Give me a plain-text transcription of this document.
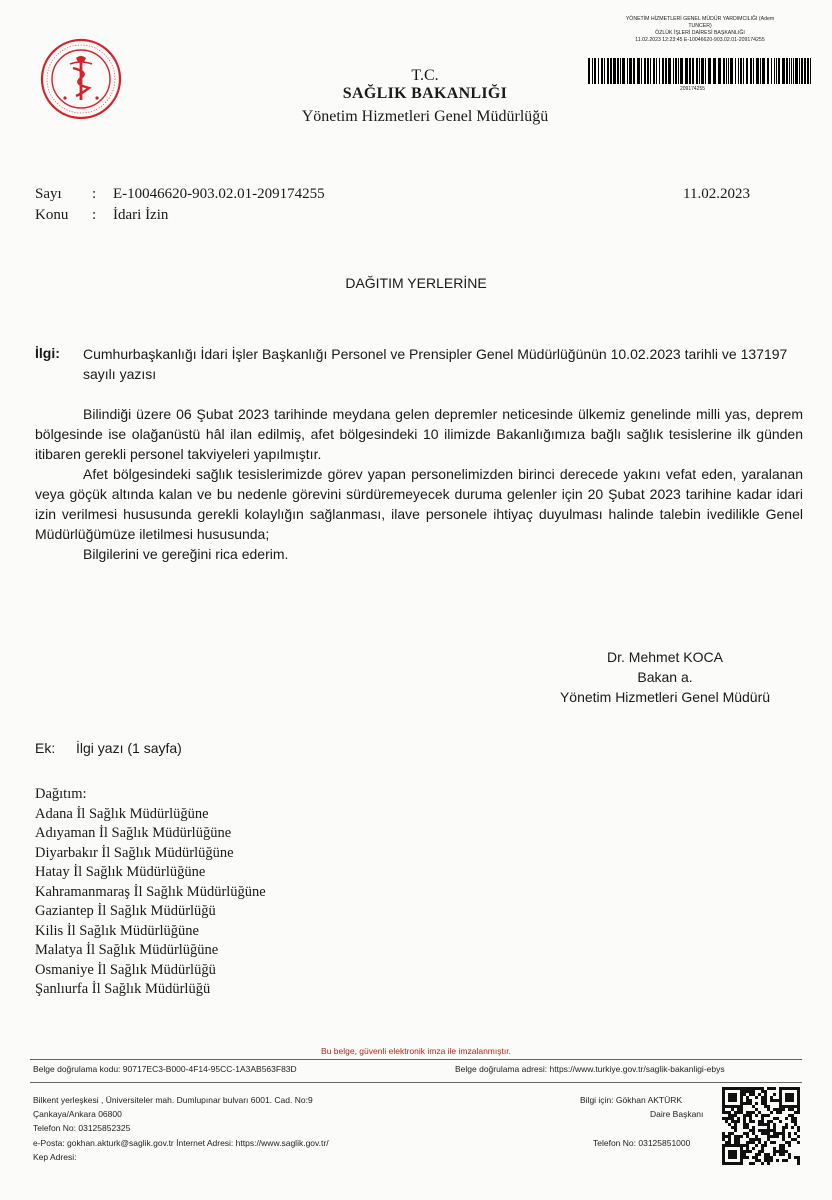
T.C.
SAĞLIK BAKANLIĞI
Yönetim Hizmetleri Genel Müdürlüğü
YÖNETİM HİZMETLERİ GENEL MÜDÜR YARDIMCILIĞI (Adem
TUNCER)
ÖZLÜK İŞLERİ DAİRESİ BAŞKANLIĞI
11.02.2023 12:23:45 E-10046620-903.02.01-209174255
209174255
Sayı : E-10046620-903.02.01-209174255	11.02.2023
Konu : İdari İzin
DAĞITIM YERLERİNE
İlgi: Cumhurbaşkanlığı İdari İşler Başkanlığı Personel ve Prensipler Genel Müdürlüğünün 10.02.2023 tarihli ve 137197 sayılı yazısı
Bilindiği üzere 06 Şubat 2023 tarihinde meydana gelen depremler neticesinde ülkemiz genelinde milli yas, deprem bölgesinde ise olağanüstü hâl ilan edilmiş, afet bölgesindeki 10 ilimizde Bakanlığımıza bağlı sağlık tesislerine ilk günden itibaren gerekli personel takviyeleri yapılmıştır.
Afet bölgesindeki sağlık tesislerimizde görev yapan personelimizden birinci derecede yakını vefat eden, yaralanan veya göçük altında kalan ve bu nedenle görevini sürdüremeyecek duruma gelenler için 20 Şubat 2023 tarihine kadar idari izin verilmesi hususunda gerekli kolaylığın sağlanması, ilave personele ihtiyaç duyulması halinde talebin ivedilikle Genel Müdürlüğümüze iletilmesi hususunda;
Bilgilerini ve gereğini rica ederim.
Dr. Mehmet KOCA
Bakan a.
Yönetim Hizmetleri Genel Müdürü
Ek: İlgi yazı (1 sayfa)
Dağıtım:
Adana İl Sağlık Müdürlüğüne
Adıyaman İl Sağlık Müdürlüğüne
Diyarbakır İl Sağlık Müdürlüğüne
Hatay İl Sağlık Müdürlüğüne
Kahramanmaraş İl Sağlık Müdürlüğüne
Gaziantep İl Sağlık Müdürlüğü
Kilis İl Sağlık Müdürlüğüne
Malatya İl Sağlık Müdürlüğüne
Osmaniye İl Sağlık Müdürlüğü
Şanlıurfa İl Sağlık Müdürlüğü
Bu belge, güvenli elektronik imza ile imzalanmıştır.
Belge doğrulama kodu: 90717EC3-B000-4F14-95CC-1A3AB563F83D	Belge doğrulama adresi: https://www.turkiye.gov.tr/saglik-bakanligi-ebys
Bilkent yerleşkesi , Üniversiteler mah. Dumlupınar bulvarı 6001. Cad. No:9
Çankaya/Ankara 06800
Telefon No: 03125852325
e-Posta: gokhan.akturk@saglik.gov.tr İnternet Adresi: https://www.saglik.gov.tr/
Kep Adresi:
Bilgi için: Gökhan AKTÜRK
Daire Başkanı
Telefon No: 03125851000
